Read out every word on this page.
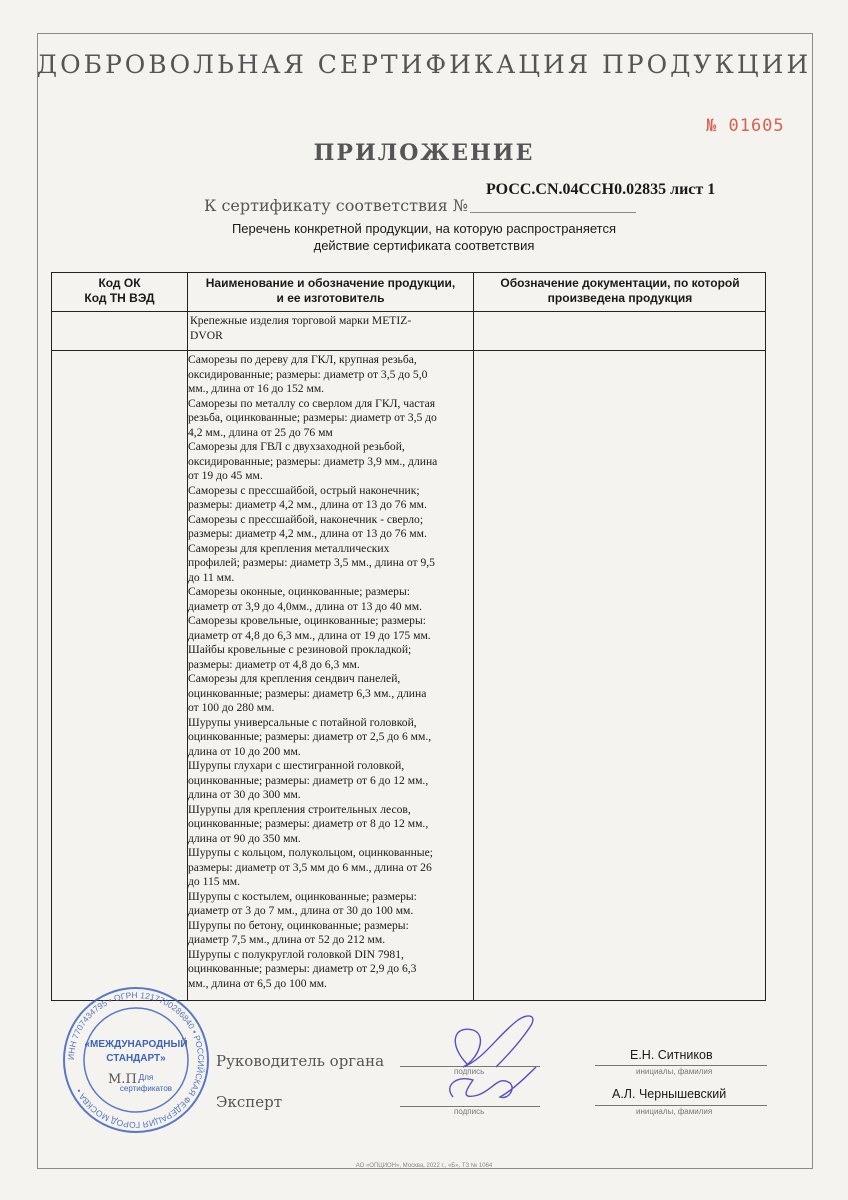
ДОБРОВОЛЬНАЯ СЕРТИФИКАЦИЯ ПРОДУКЦИИ
№ 01605
ПРИЛОЖЕНИЕ
К сертификату соответствия №
РОСС.CN.04ССН0.02835 лист 1
Перечень конкретной продукции, на которую распространяется
действие сертификата соответствия
Код ОК
Код ТН ВЭД
Наименование и обозначение продукции,
и ее изготовитель
Обозначение документации, по которой
произведена продукция
Крепежные изделия торговой марки METIZ-
DVOR
Саморезы по дереву для ГКЛ, крупная резьба,
оксидированные; размеры: диаметр от 3,5 до 5,0
мм., длина от 16 до 152 мм.
Саморезы по металлу со сверлом для ГКЛ, частая
резьба, оцинкованные; размеры: диаметр от 3,5 до
4,2 мм., длина от 25 до 76 мм
Саморезы для ГВЛ с двухзаходной резьбой,
оксидированные; размеры: диаметр 3,9 мм., длина
от 19 до 45 мм.
Саморезы с прессшайбой, острый наконечник;
размеры: диаметр 4,2 мм., длина от 13 до 76 мм.
Саморезы с прессшайбой, наконечник - сверло;
размеры: диаметр 4,2 мм., длина от 13 до 76 мм.
Саморезы для крепления металлических
профилей; размеры: диаметр 3,5 мм., длина от 9,5
до 11 мм.
Саморезы оконные, оцинкованные; размеры:
диаметр от 3,9 до 4,0мм., длина от 13 до 40 мм.
Саморезы кровельные, оцинкованные; размеры:
диаметр от 4,8 до 6,3 мм., длина от 19 до 175 мм.
Шайбы кровельные с резиновой прокладкой;
размеры: диаметр от 4,8 до 6,3 мм.
Саморезы для крепления сендвич панелей,
оцинкованные; размеры: диаметр 6,3 мм., длина
от 100 до 280 мм.
Шурупы универсальные с потайной головкой,
оцинкованные; размеры: диаметр от 2,5 до 6 мм.,
длина от 10 до 200 мм.
Шурупы глухари с шестигранной головкой,
оцинкованные; размеры: диаметр от 6 до 12 мм.,
длина от 30 до 300 мм.
Шурупы для крепления строительных лесов,
оцинкованные; размеры: диаметр от 8 до 12 мм.,
длина от 90 до 350 мм.
Шурупы с кольцом, полукольцом, оцинкованные;
размеры: диаметр от 3,5 мм до 6 мм., длина от 26
до 115 мм.
Шурупы с костылем, оцинкованные; размеры:
диаметр от 3 до 7 мм., длина от 30 до 100 мм.
Шурупы по бетону, оцинкованные; размеры:
диаметр 7,5 мм., длина от 52 до 212 мм.
Шурупы с полукруглой головкой DIN 7981,
оцинкованные; размеры: диаметр от 2,9 до 6,3
мм., длина от 6,5 до 100 мм.
ИНН 7707434795 • ОГРН 1217700286840 • РОССИЙСКАЯ ФЕДЕРАЦИЯ ГОРОД МОСКВА •
«МЕЖДУНАРОДНЫЙ
СТАНДАРТ»
Для
сертификатов
М.П.
Руководитель органа
Эксперт
подпись
подпись
Е.Н. Ситников
инициалы, фамилия
А.Л. Чернышевский
инициалы, фамилия
АО «ОПЦИОН», Москва, 2022 г., «Б», ТЗ № 1064
